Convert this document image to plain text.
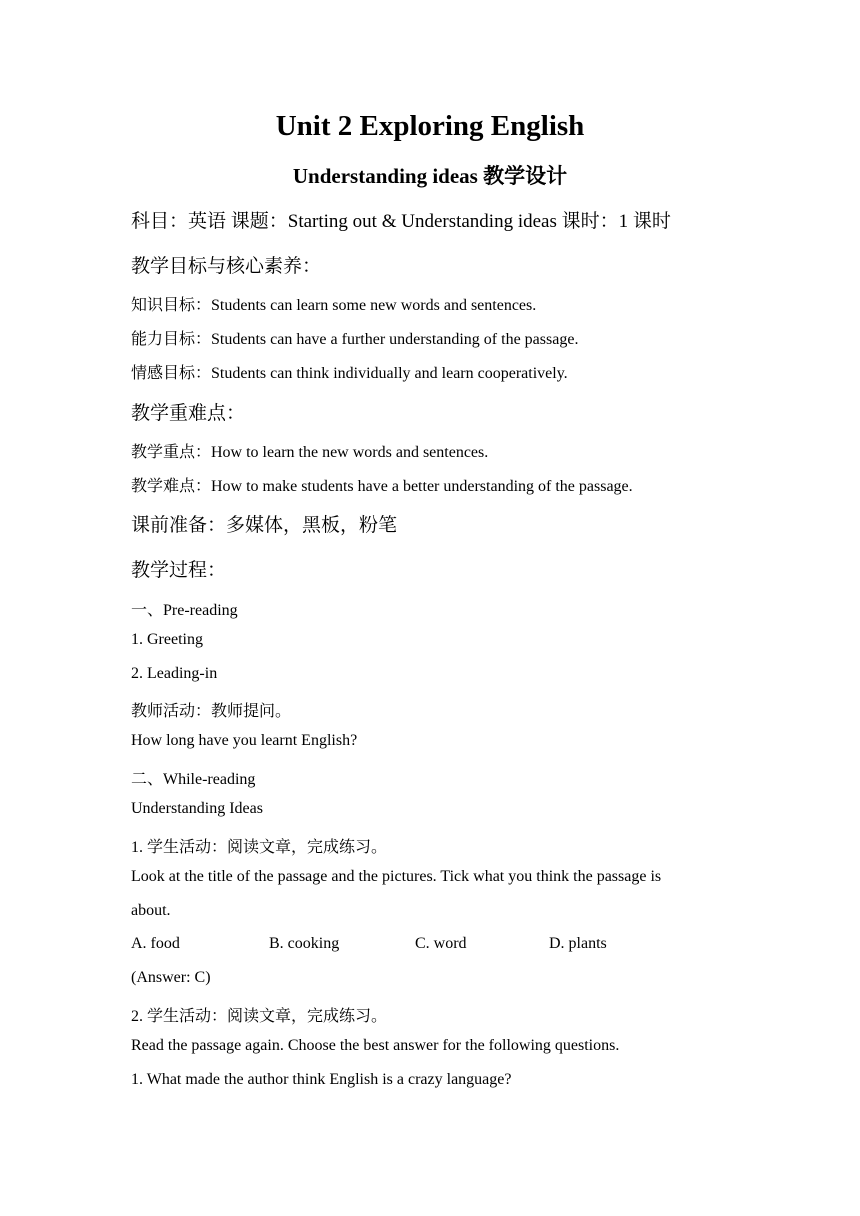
Unit 2 Exploring English
Understanding ideas 教学设计
科目：英语 课题：Starting out & Understanding ideas 课时：1 课时
教学目标与核心素养：
知识目标：Students can learn some new words and sentences.
能力目标：Students can have a further understanding of the passage.
情感目标：Students can think individually and learn cooperatively.
教学重难点：
教学重点：How to learn the new words and sentences.
教学难点：How to make students have a better understanding of the passage.
课前准备：多媒体，黑板，粉笔
教学过程：
一、Pre-reading
1. Greeting
2. Leading-in
教师活动：教师提问。
How long have you learnt English?
二、While-reading
Understanding Ideas
1. 学生活动：阅读文章，完成练习。
Look at the title of the passage and the pictures. Tick what you think the passage is
about.
A. food	B. cooking	C. word	D. plants
(Answer: C)
2. 学生活动：阅读文章，完成练习。
Read the passage again. Choose the best answer for the following questions.
1. What made the author think English is a crazy language?
